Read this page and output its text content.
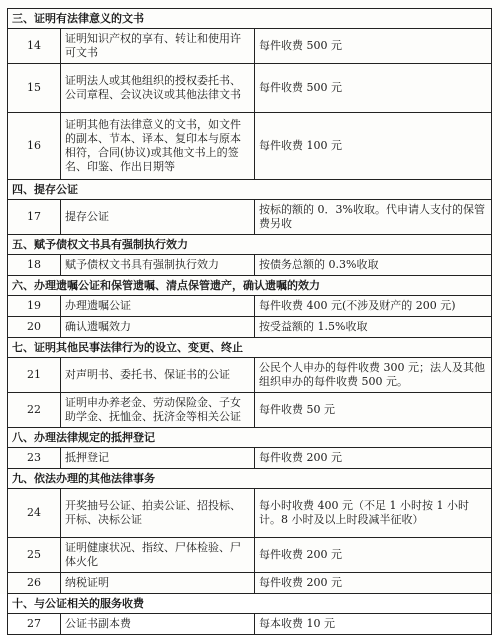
三、证明有法律意义的文书		
14	证明知识产权的享有、转让和使用许可文书	每件收费 500 元
15	证明法人或其他组织的授权委托书、公司章程、会议决议或其他法律文书	每件收费 500 元
16	证明其他有法律意义的文书，如文件的副本、节本、译本、复印本与原本相符，合同(协议)或其他文书上的签名、印鉴、作出日期等	每件收费 100 元
四、提存公证		
17	提存公证	按标的额的 0．3%收取。代申请人支付的保管费另收
五、赋予债权文书具有强制执行效力		
18	赋予债权文书具有强制执行效力	按债务总额的 0.3%收取
六、办理遗嘱公证和保管遗嘱、清点保管遗产，确认遗嘱的效力		
19	办理遗嘱公证	每件收费 400 元(不涉及财产的 200 元)
20	确认遗嘱效力	按受益额的 1.5%收取
七、证明其他民事法律行为的设立、变更、终止		
21	对声明书、委托书、保证书的公证	公民个人申办的每件收费 300 元；法人及其他组织申办的每件收费 500 元。
22	证明申办养老金、劳动保险金、子女助学金、抚恤金、抚济金等相关公证	每件收费 50 元
八、办理法律规定的抵押登记		
23	抵押登记	每件收费 200 元
九、依法办理的其他法律事务		
24	开奖抽号公证、拍卖公证、招投标、开标、决标公证	每小时收费 400 元（不足 1 小时按 1 小时计。8 小时及以上时段减半征收）
25	证明健康状况、指纹、尸体检验、尸体火化	每件收费 200 元
26	纳税证明	每件收费 200 元
十、与公证相关的服务收费		
27	公证书副本费	每本收费 10 元
